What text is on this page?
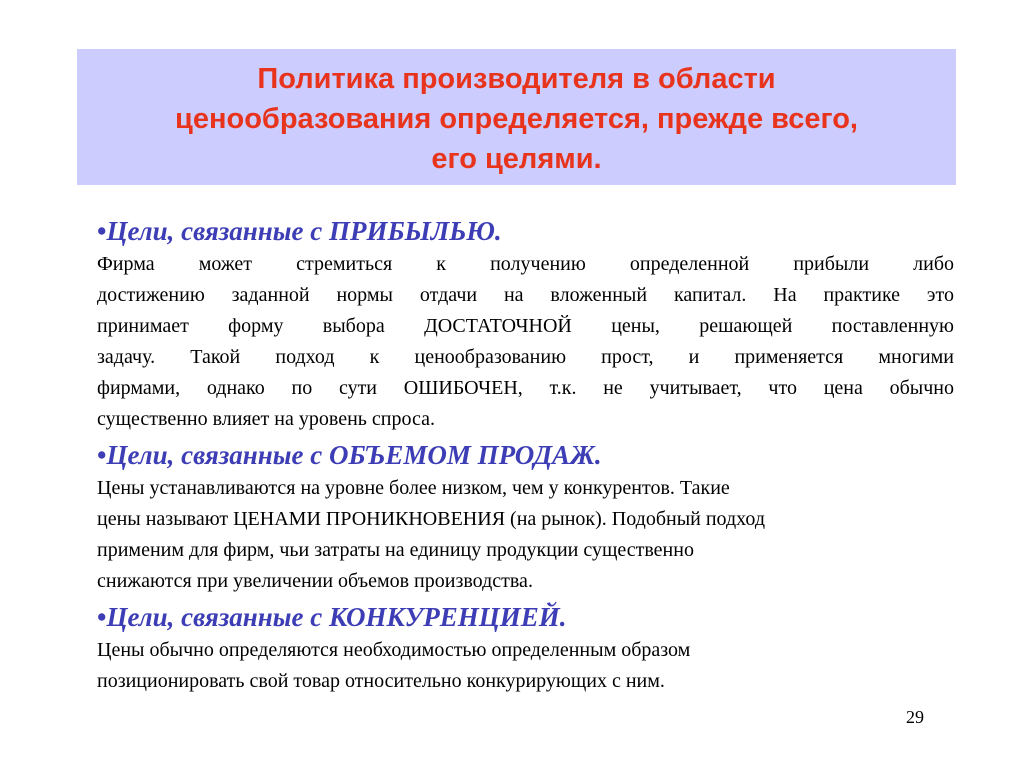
Политика производителя в области
ценообразования определяется, прежде всего,
его целями.
•Цели, связанные с ПРИБЫЛЬЮ.
Фирма может стремиться к получению определенной прибыли либо
достижению заданной нормы отдачи на вложенный капитал. На практике это
принимает форму выбора ДОСТАТОЧНОЙ цены, решающей поставленную
задачу. Такой подход к ценообразованию прост, и применяется многими
фирмами, однако по сути ОШИБОЧЕН, т.к. не учитывает, что цена обычно
существенно влияет на уровень спроса.
•Цели, связанные с ОБЪЕМОМ ПРОДАЖ.
Цены устанавливаются на уровне более низком, чем у конкурентов. Такие
цены называют ЦЕНАМИ ПРОНИКНОВЕНИЯ (на рынок). Подобный подход
применим для фирм, чьи затраты на единицу продукции существенно
снижаются при увеличении объемов производства.
•Цели, связанные с КОНКУРЕНЦИЕЙ.
Цены обычно определяются необходимостью определенным образом
позиционировать свой товар относительно конкурирующих с ним.
29
